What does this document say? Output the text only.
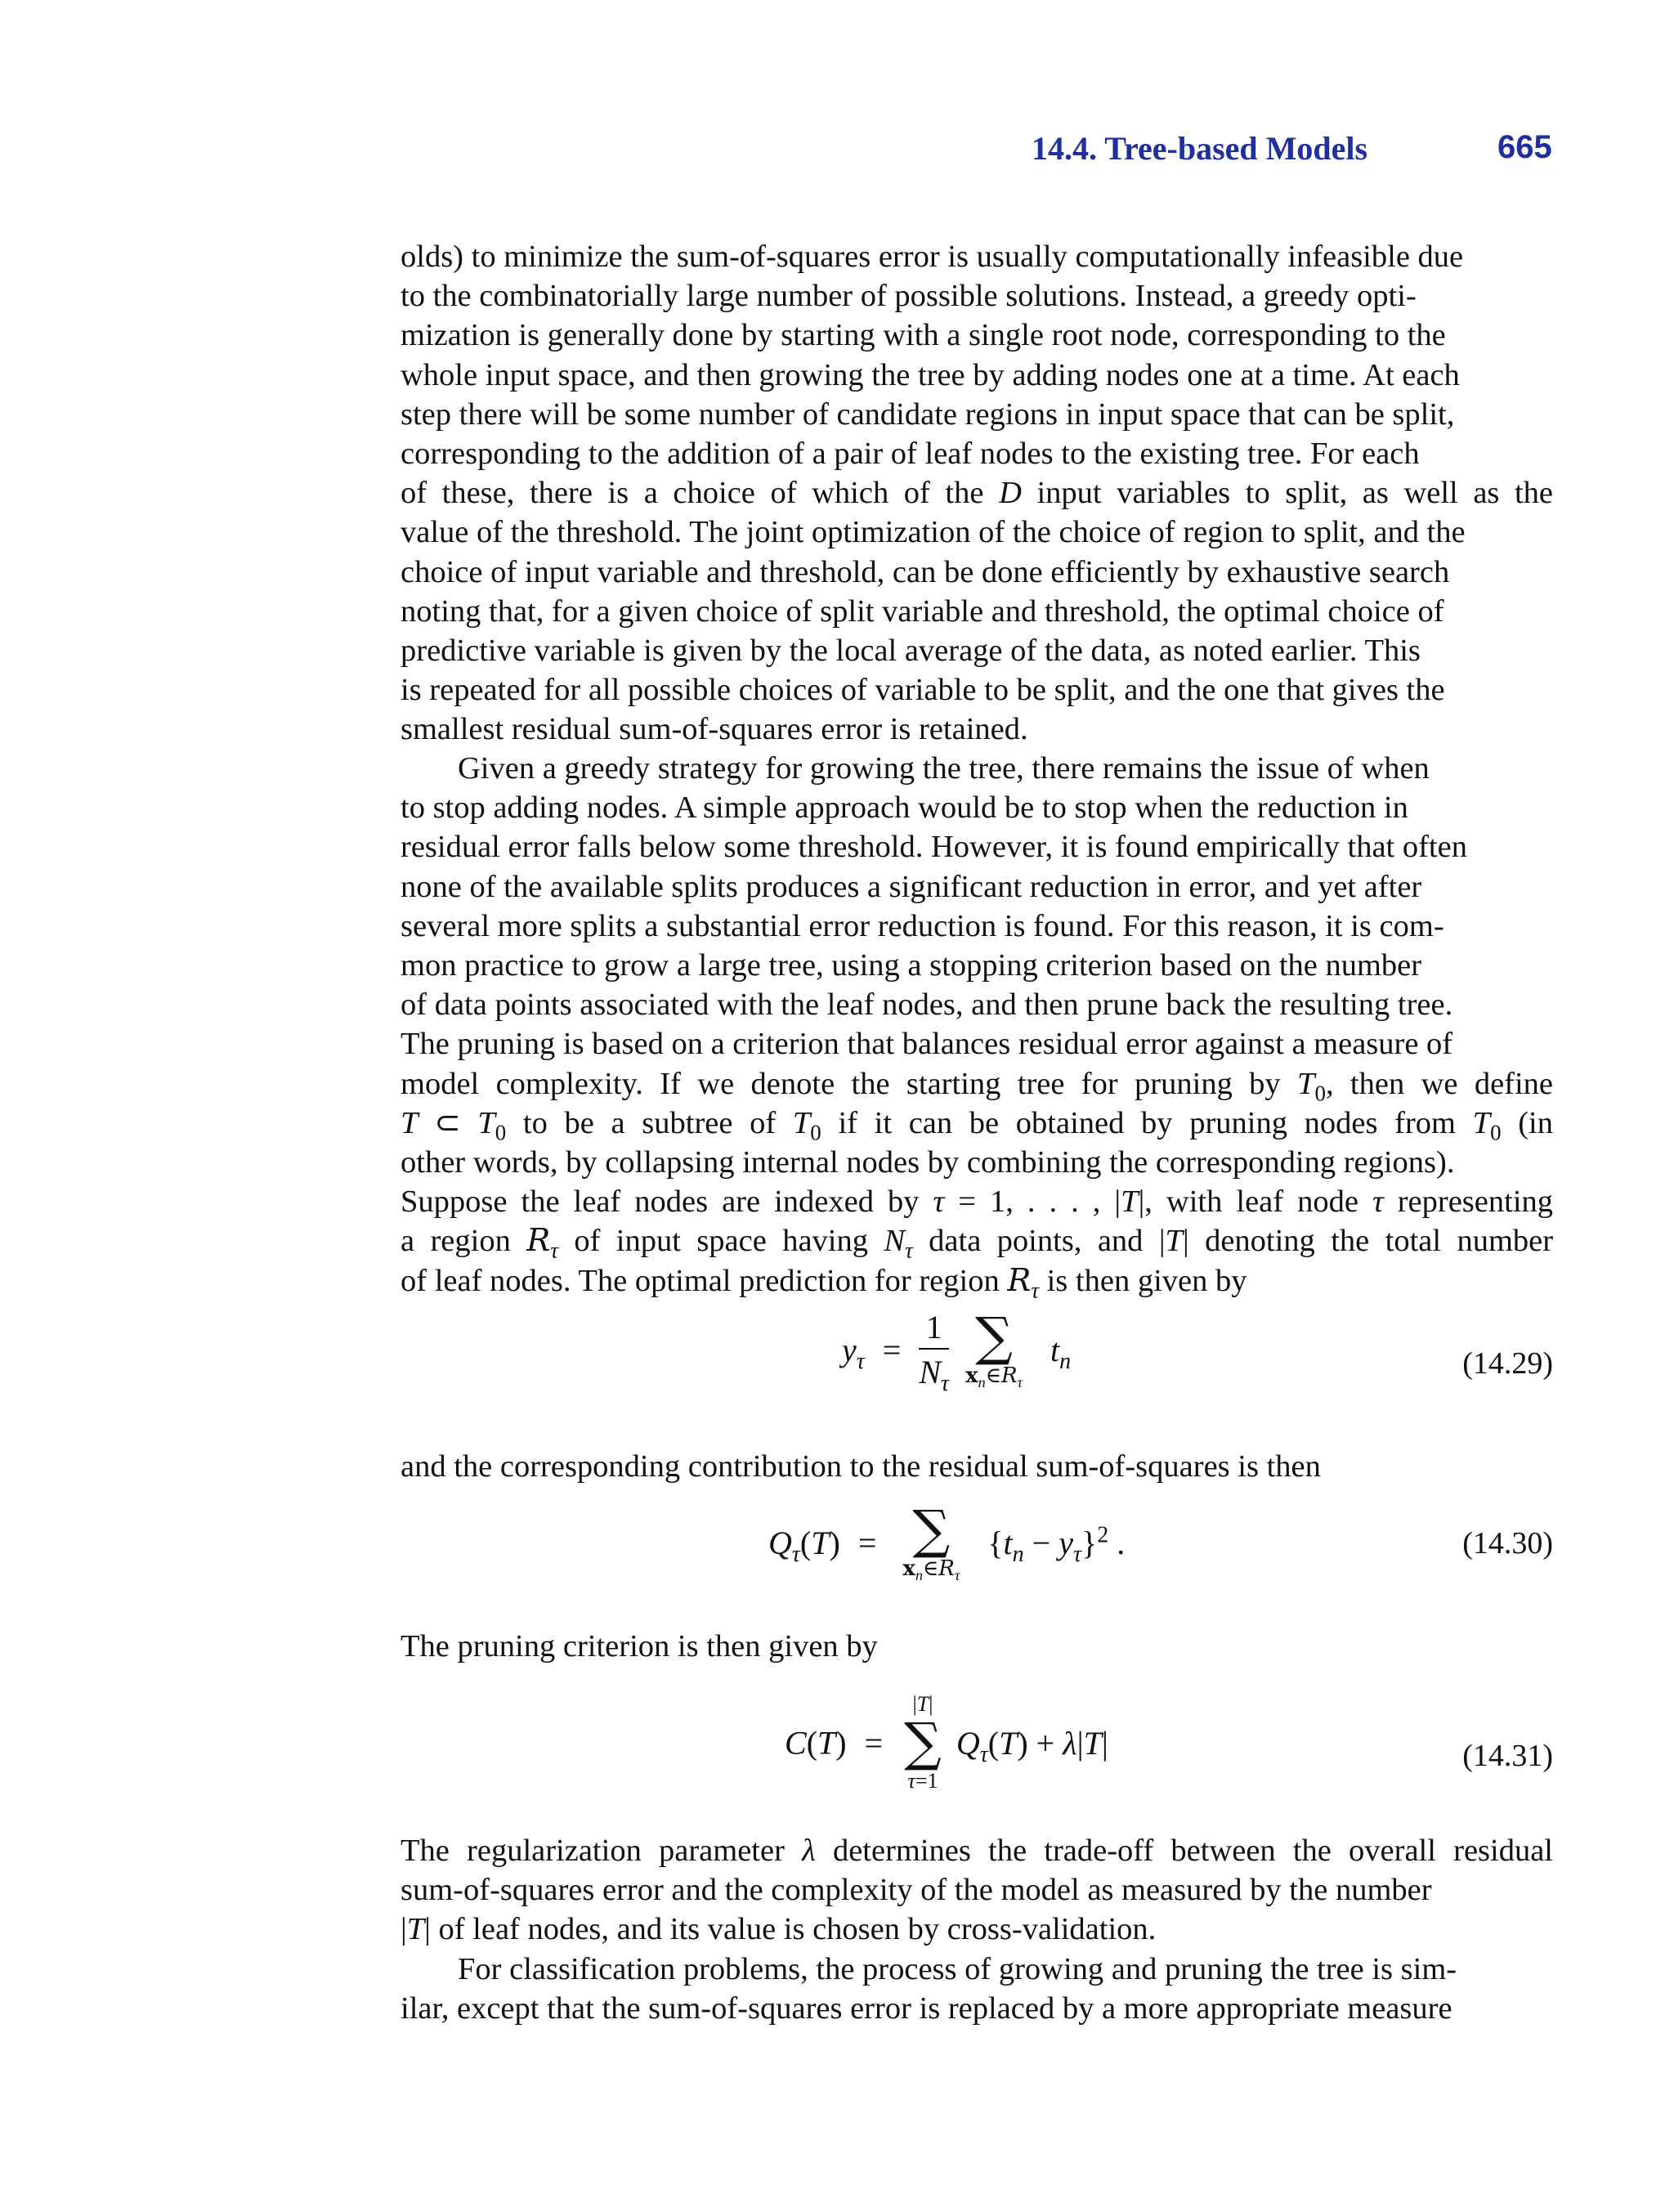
14.4. Tree-based Models	665

olds) to minimize the sum-of-squares error is usually computationally infeasible due

to the combinatorially large number of possible solutions. Instead, a greedy opti-

mization is generally done by starting with a single root node, corresponding to the

whole input space, and then growing the tree by adding nodes one at a time. At each

step there will be some number of candidate regions in input space that can be split,

corresponding to the addition of a pair of leaf nodes to the existing tree. For each

of these, there is a choice of which of the D input variables to split, as well as the

value of the threshold. The joint optimization of the choice of region to split, and the

choice of input variable and threshold, can be done efficiently by exhaustive search

noting that, for a given choice of split variable and threshold, the optimal choice of

predictive variable is given by the local average of the data, as noted earlier. This

is repeated for all possible choices of variable to be split, and the one that gives the

smallest residual sum-of-squares error is retained.

Given a greedy strategy for growing the tree, there remains the issue of when

to stop adding nodes. A simple approach would be to stop when the reduction in

residual error falls below some threshold. However, it is found empirically that often

none of the available splits produces a significant reduction in error, and yet after

several more splits a substantial error reduction is found. For this reason, it is com-

mon practice to grow a large tree, using a stopping criterion based on the number

of data points associated with the leaf nodes, and then prune back the resulting tree.

The pruning is based on a criterion that balances residual error against a measure of

model complexity. If we denote the starting tree for pruning by $T_0$, then we define

T ⊂ $T_0$ to be a subtree of $T_0$ if it can be obtained by pruning nodes from $T_0$ (in

other words, by collapsing internal nodes by combining the corresponding regions).

Suppose the leaf nodes are indexed by τ = 1, . . . , |T|, with leaf node τ representing

a region $R_\tau$ of input space having $N_\tau$ data points, and |T| denoting the total number

of leaf nodes. The optimal prediction for region $R_\tau$ is then given by

$y_\tau = \frac{1}{N_\tau}$
∑
$x_n\in R_\tau$
$t_n$	(14.29)

and the corresponding contribution to the residual sum-of-squares is then

$Q_\tau(T)$ = ∑
$x_n\in R_\tau$
$\{t_n - y_\tau\}^2$ .	(14.30)

The pruning criterion is then given by

C(T) =
|T|
∑
τ=1
$Q_\tau(T) + \lambda|T|$	(14.31)

The regularization parameter λ determines the trade-off between the overall residual

sum-of-squares error and the complexity of the model as measured by the number

|T| of leaf nodes, and its value is chosen by cross-validation.

For classification problems, the process of growing and pruning the tree is sim-

ilar, except that the sum-of-squares error is replaced by a more appropriate measure
